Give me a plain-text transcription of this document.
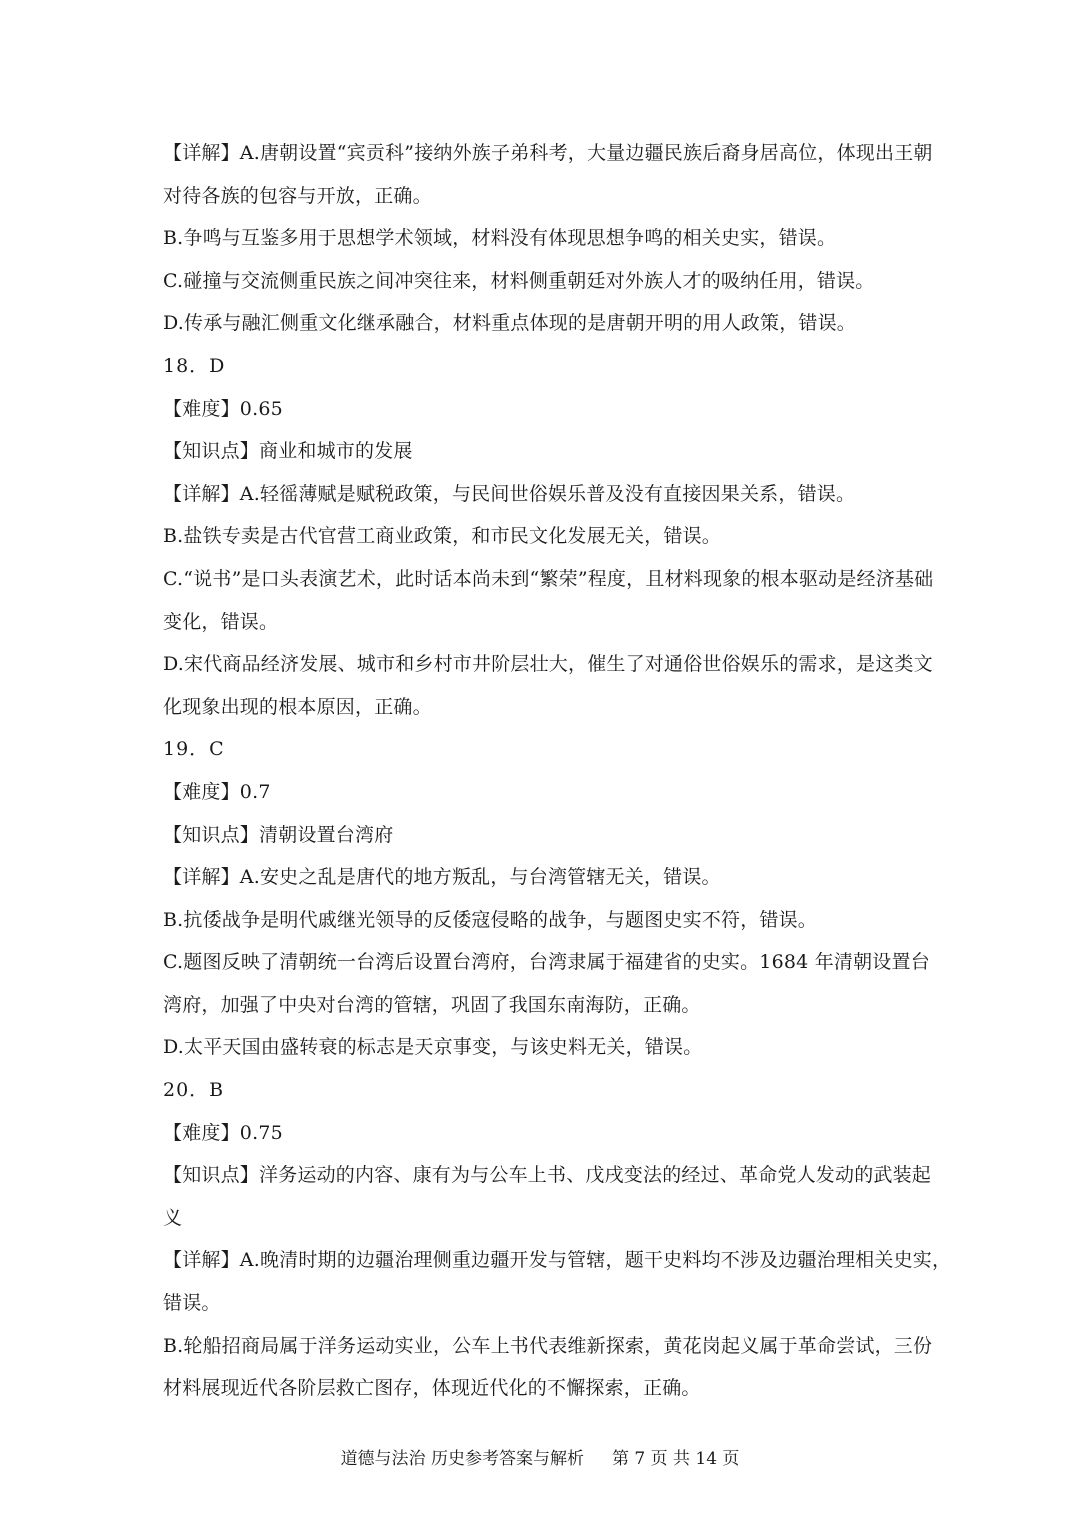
【详解】A.唐朝设置“宾贡科”接纳外族子弟科考，大量边疆民族后裔身居高位，体现出王朝
对待各族的包容与开放，正确。
B.争鸣与互鉴多用于思想学术领域，材料没有体现思想争鸣的相关史实，错误。
C.碰撞与交流侧重民族之间冲突往来，材料侧重朝廷对外族人才的吸纳任用，错误。
D.传承与融汇侧重文化继承融合，材料重点体现的是唐朝开明的用人政策，错误。
18．D
【难度】0.65
【知识点】商业和城市的发展
【详解】A.轻徭薄赋是赋税政策，与民间世俗娱乐普及没有直接因果关系，错误。
B.盐铁专卖是古代官营工商业政策，和市民文化发展无关，错误。
C.“说书”是口头表演艺术，此时话本尚未到“繁荣”程度，且材料现象的根本驱动是经济基础
变化，错误。
D.宋代商品经济发展、城市和乡村市井阶层壮大，催生了对通俗世俗娱乐的需求，是这类文
化现象出现的根本原因，正确。
19．C
【难度】0.7
【知识点】清朝设置台湾府
【详解】A.安史之乱是唐代的地方叛乱，与台湾管辖无关，错误。
B.抗倭战争是明代戚继光领导的反倭寇侵略的战争，与题图史实不符，错误。
C.题图反映了清朝统一台湾后设置台湾府，台湾隶属于福建省的史实。1684 年清朝设置台
湾府，加强了中央对台湾的管辖，巩固了我国东南海防，正确。
D.太平天国由盛转衰的标志是天京事变，与该史料无关，错误。
20．B
【难度】0.75
【知识点】洋务运动的内容、康有为与公车上书、戊戌变法的经过、革命党人发动的武装起
义
【详解】A.晚清时期的边疆治理侧重边疆开发与管辖，题干史料均不涉及边疆治理相关史实，
错误。
B.轮船招商局属于洋务运动实业，公车上书代表维新探索，黄花岗起义属于革命尝试，三份
材料展现近代各阶层救亡图存，体现近代化的不懈探索，正确。
道德与法治 历史参考答案与解析 第 7 页 共 14 页
